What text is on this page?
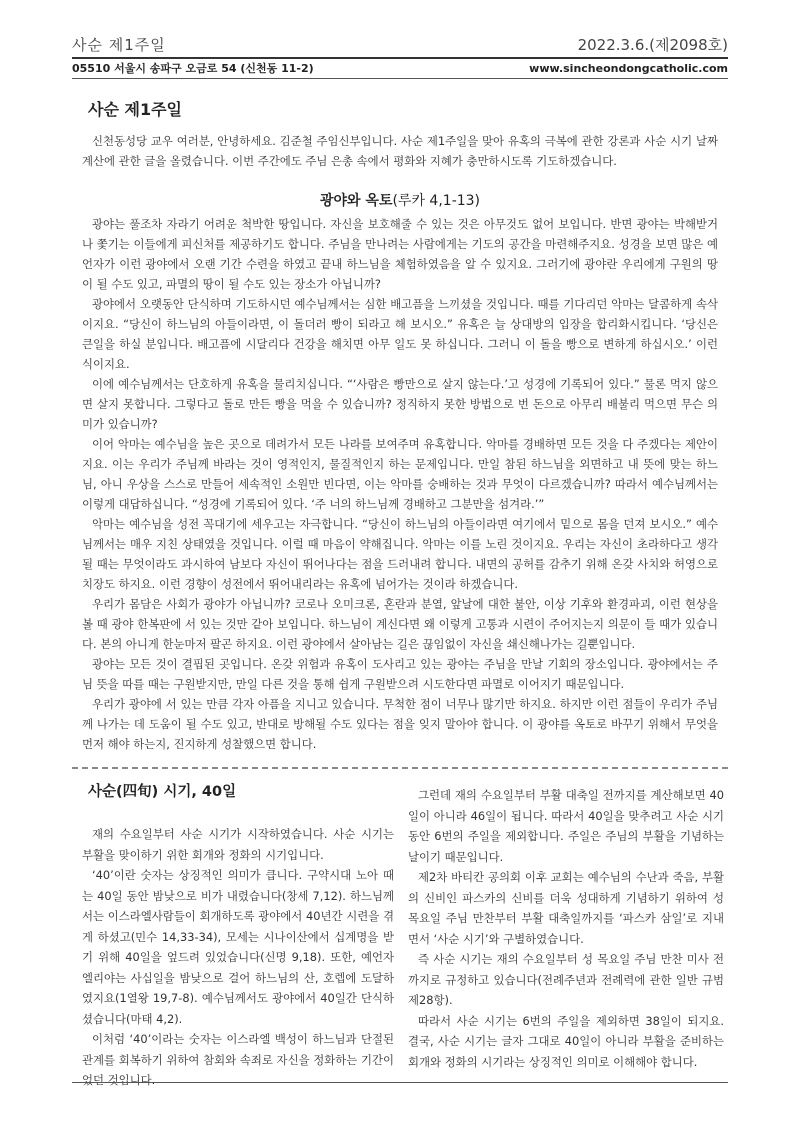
사순 제1주일	2022.3.6.(제2098호)
05510 서울시 송파구 오금로 54 (신천동 11-2)	www.sincheondongcatholic.com
사순 제1주일
신천동성당 교우 여러분, 안녕하세요. 김준철 주임신부입니다. 사순 제1주일을 맞아 유혹의 극복에 관한 강론과 사순 시기 날짜 계산에 관한 글을 올렸습니다. 이번 주간에도 주님 은총 속에서 평화와 지혜가 충만하시도록 기도하겠습니다.
광야와 옥토(루카 4,1-13)

광야는 풀조차 자라기 어려운 척박한 땅입니다. 자신을 보호해줄 수 있는 것은 아무것도 없어 보입니다. 반면 광야는 박해받거나 쫓기는 이들에게 피신처를 제공하기도 합니다. 주님을 만나려는 사람에게는 기도의 공간을 마련해주지요. 성경을 보면 많은 예언자가 이런 광야에서 오랜 기간 수련을 하였고 끝내 하느님을 체험하였음을 알 수 있지요. 그러기에 광야란 우리에게 구원의 땅이 될 수도 있고, 파멸의 땅이 될 수도 있는 장소가 아닙니까?

광야에서 오랫동안 단식하며 기도하시던 예수님께서는 심한 배고픔을 느끼셨을 것입니다. 때를 기다리던 악마는 달콤하게 속삭이지요. “당신이 하느님의 아들이라면, 이 돌더러 빵이 되라고 해 보시오.” 유혹은 늘 상대방의 입장을 합리화시킵니다. ‘당신은 큰일을 하실 분입니다. 배고픔에 시달리다 건강을 해치면 아무 일도 못 하십니다. 그러니 이 돌을 빵으로 변하게 하십시오.’ 이런 식이지요.

이에 예수님께서는 단호하게 유혹을 물리치십니다. “‘사람은 빵만으로 살지 않는다.’고 성경에 기록되어 있다.” 물론 먹지 않으면 살지 못합니다. 그렇다고 돌로 만든 빵을 먹을 수 있습니까? 정직하지 못한 방법으로 번 돈으로 아무리 배불리 먹으면 무슨 의미가 있습니까?

이어 악마는 예수님을 높은 곳으로 데려가서 모든 나라를 보여주며 유혹합니다. 악마를 경배하면 모든 것을 다 주겠다는 제안이지요. 이는 우리가 주님께 바라는 것이 영적인지, 물질적인지 하는 문제입니다. 만일 참된 하느님을 외면하고 내 뜻에 맞는 하느님, 아니 우상을 스스로 만들어 세속적인 소원만 빈다면, 이는 악마를 숭배하는 것과 무엇이 다르겠습니까? 따라서 예수님께서는 이렇게 대답하십니다. “성경에 기록되어 있다. ‘주 너의 하느님께 경배하고 그분만을 섬겨라.’”

악마는 예수님을 성전 꼭대기에 세우고는 자극합니다. “당신이 하느님의 아들이라면 여기에서 밑으로 몸을 던져 보시오.” 예수님께서는 매우 지친 상태였을 것입니다. 이럴 때 마음이 약해집니다. 악마는 이를 노린 것이지요. 우리는 자신이 초라하다고 생각될 때는 무엇이라도 과시하여 남보다 자신이 뛰어나다는 점을 드러내려 합니다. 내면의 공허를 감추기 위해 온갖 사치와 허영으로 치장도 하지요. 이런 경향이 성전에서 뛰어내리라는 유혹에 넘어가는 것이라 하겠습니다.

우리가 몸담은 사회가 광야가 아닙니까? 코로나 오미크론, 혼란과 분열, 앞날에 대한 불안, 이상 기후와 환경파괴, 이런 현상을 볼 때 광야 한복판에 서 있는 것만 같아 보입니다. 하느님이 계신다면 왜 이렇게 고통과 시련이 주어지는지 의문이 들 때가 있습니다. 본의 아니게 한눈마저 팔곤 하지요. 이런 광야에서 살아남는 길은 끊임없이 자신을 쇄신해나가는 길뿐입니다.

광야는 모든 것이 결핍된 곳입니다. 온갖 위험과 유혹이 도사리고 있는 광야는 주님을 만날 기회의 장소입니다. 광야에서는 주님 뜻을 따를 때는 구원받지만, 만일 다른 것을 통해 쉽게 구원받으려 시도한다면 파멸로 이어지기 때문입니다.

우리가 광야에 서 있는 만큼 각자 아픔을 지니고 있습니다. 무척한 점이 너무나 많기만 하지요. 하지만 이런 점들이 우리가 주님께 나가는 데 도움이 될 수도 있고, 반대로 방해될 수도 있다는 점을 잊지 말아야 합니다. 이 광야를 옥토로 바꾸기 위해서 무엇을 먼저 해야 하는지, 진지하게 성찰했으면 합니다.

사순(四旬) 시기, 40일

재의 수요일부터 사순 시기가 시작하였습니다. 사순 시기는 부활을 맞이하기 위한 회개와 정화의 시기입니다.

‘40’이란 숫자는 상징적인 의미가 큽니다. 구약시대 노아 때는 40일 동안 밤낮으로 비가 내렸습니다(창세 7,12). 하느님께서는 이스라엘사람들이 회개하도록 광야에서 40년간 시련을 겪게 하셨고(민수 14,33-34), 모세는 시나이산에서 십계명을 받기 위해 40일을 엎드려 있었습니다(신명 9,18). 또한, 예언자 엘리야는 사십일을 밤낮으로 걸어 하느님의 산, 호렙에 도달하였지요(1열왕 19,7-8). 예수님께서도 광야에서 40일간 단식하셨습니다(마태 4,2).

이처럼 ‘40’이라는 숫자는 이스라엘 백성이 하느님과 단절된 관계를 회복하기 위하여 참회와 속죄로 자신을 정화하는 기간이었던 것입니다.

그런데 재의 수요일부터 부활 대축일 전까지를 계산해보면 40일이 아니라 46일이 됩니다. 따라서 40일을 맞추려고 사순 시기 동안 6번의 주일을 제외합니다. 주일은 주님의 부활을 기념하는 날이기 때문입니다.

제2차 바티칸 공의회 이후 교회는 예수님의 수난과 죽음, 부활의 신비인 파스카의 신비를 더욱 성대하게 기념하기 위하여 성 목요일 주님 만찬부터 부활 대축일까지를 ‘파스카 삼일’로 지내면서 ‘사순 시기’와 구별하였습니다.

즉 사순 시기는 재의 수요일부터 성 목요일 주님 만찬 미사 전까지로 규정하고 있습니다(전례주년과 전례력에 관한 일반 규범 제28항).

따라서 사순 시기는 6번의 주일을 제외하면 38일이 되지요. 결국, 사순 시기는 글자 그대로 40일이 아니라 부활을 준비하는 회개와 정화의 시기라는 상징적인 의미로 이해해야 합니다.
